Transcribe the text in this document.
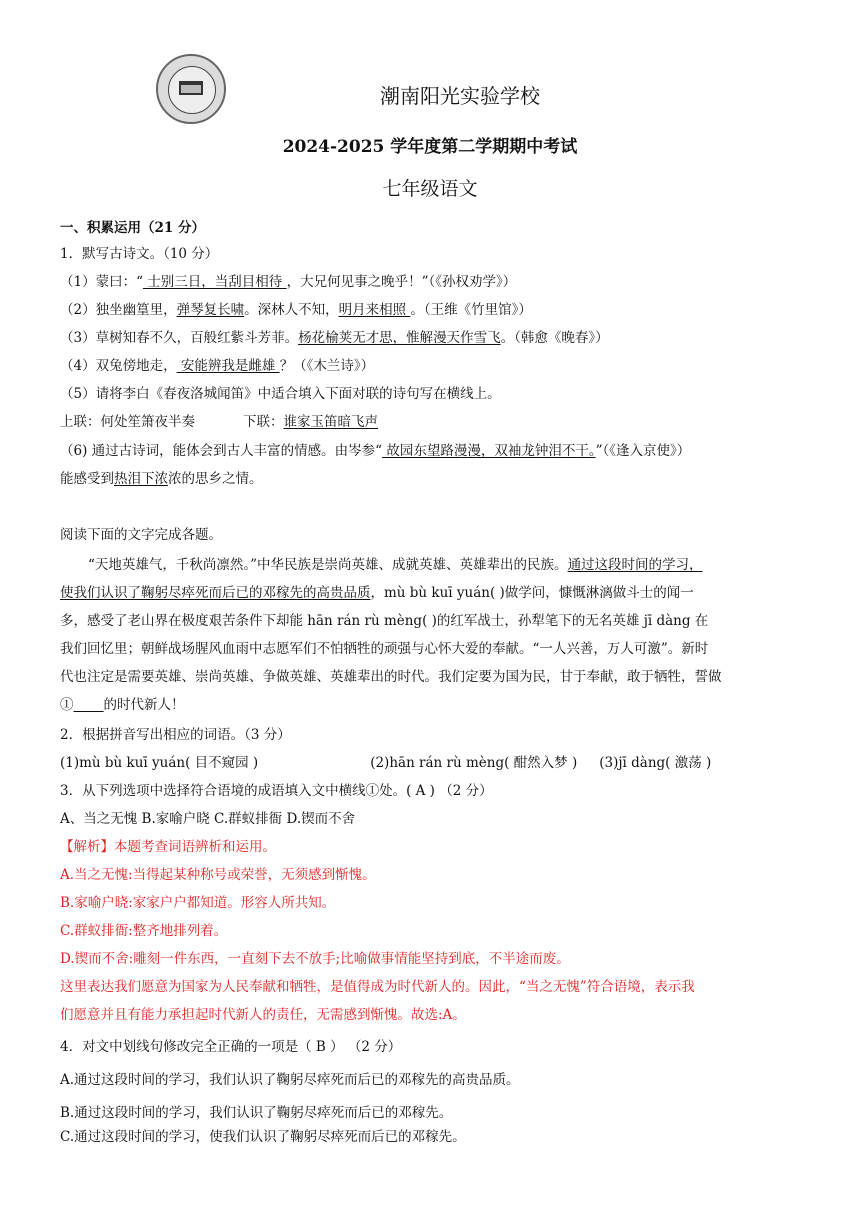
潮南阳光实验学校
2024-2025 学年度第二学期期中考试
七年级语文
一、积累运用（21 分）
1．默写古诗文。（10 分）
（1）蒙曰：“ 士别三日，当刮目相待 ，大兄何见事之晚乎！”（《孙权劝学》）
（2）独坐幽篁里，弹琴复长啸。深林人不知，明月来相照 。（王维《竹里馆》）
（3）草树知春不久，百般红紫斗芳菲。杨花榆荚无才思，惟解漫天作雪飞。（韩愈《晚春》）
（4）双兔傍地走， 安能辨我是雌雄 ？（《木兰诗》）
（5）请将李白《春夜洛城闻笛》中适合填入下面对联的诗句写在横线上。
上联：何处笙箫夜半奏	下联：谁家玉笛暗飞声
（6) 通过古诗词，能体会到古人丰富的情感。由岑参“ 故园东望路漫漫，双袖龙钟泪不干。”（《逢入京使》）
能感受到热泪下浓浓的思乡之情。
阅读下面的文字完成各题。
“天地英雄气，千秋尚凛然。”中华民族是崇尚英雄、成就英雄、英雄辈出的民族。通过这段时间的学习，
使我们认识了鞠躬尽瘁死而后已的邓稼先的高贵品质，mù bù kuī yuán( )做学问，慷慨淋漓做斗士的闻一
多，感受了老山界在极度艰苦条件下却能 hān rán rù mèng( )的红军战士，孙犁笔下的无名英雄 jī dàng 在
我们回忆里；朝鲜战场腥风血雨中志愿军们不怕牺牲的顽强与心怀大爱的奉献。“一人兴善，万人可激”。新时
代也注定是需要英雄、崇尚英雄、争做英雄、英雄辈出的时代。我们定要为国为民，甘于奉献，敢于牺牲，誓做
① 的时代新人！
2．根据拼音写出相应的词语。（3 分）
(1)mù bù kuī yuán( 目不窥园 )	(2)hān rán rù mèng( 酣然入梦 ) (3)jī dàng( 激荡 )
3．从下列选项中选择符合语境的成语填入文中横线①处。( A ) （2 分）
A、当之无愧 B.家喻户晓 C.群蚁排衙 D.锲而不舍
【解析】本题考查词语辨析和运用。
A.当之无愧:当得起某种称号或荣誉，无须感到惭愧。
B.家喻户晓:家家户户都知道。形容人所共知。
C.群蚁排衙:整齐地排列着。
D.锲而不舍:雕刻一件东西，一直刻下去不放手;比喻做事情能坚持到底，不半途而废。
这里表达我们愿意为国家为人民奉献和牺牲，是值得成为时代新人的。因此，“当之无愧”符合语境，表示我
们愿意并且有能力承担起时代新人的责任，无需感到惭愧。故选:A。
4．对文中划线句修改完全正确的一项是（ B ） （2 分）
A.通过这段时间的学习，我们认识了鞠躬尽瘁死而后已的邓稼先的高贵品质。
B.通过这段时间的学习，我们认识了鞠躬尽瘁死而后已的邓稼先。
C.通过这段时间的学习，使我们认识了鞠躬尽瘁死而后已的邓稼先。
